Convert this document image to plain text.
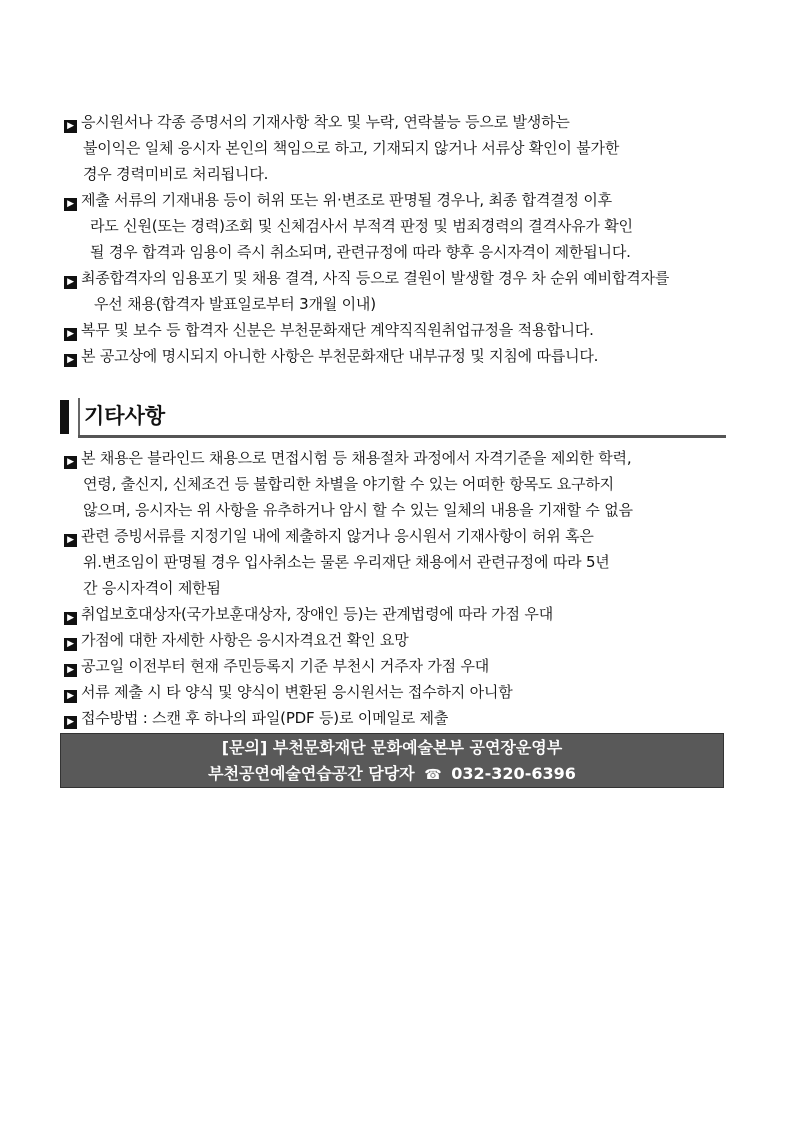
▶ 응시원서나 각종 증명서의 기재사항 착오 및 누락, 연락불능 등으로 발생하는
불이익은 일체 응시자 본인의 책임으로 하고, 기재되지 않거나 서류상 확인이 불가한
경우 경력미비로 처리됩니다.
▶ 제출 서류의 기재내용 등이 허위 또는 위·변조로 판명될 경우나, 최종 합격결정 이후
라도 신원(또는 경력)조회 및 신체검사서 부적격 판정 및 범죄경력의 결격사유가 확인
될 경우 합격과 임용이 즉시 취소되며, 관련규정에 따라 향후 응시자격이 제한됩니다.
▶ 최종합격자의 임용포기 및 채용 결격, 사직 등으로 결원이 발생할 경우 차 순위 예비합격자를
우선 채용(합격자 발표일로부터 3개월 이내)
▶ 복무 및 보수 등 합격자 신분은 부천문화재단 계약직직원취업규정을 적용합니다.
▶ 본 공고상에 명시되지 아니한 사항은 부천문화재단 내부규정 및 지침에 따릅니다.
기타사항
▶ 본 채용은 블라인드 채용으로 면접시험 등 채용절차 과정에서 자격기준을 제외한 학력,
연령, 출신지, 신체조건 등 불합리한 차별을 야기할 수 있는 어떠한 항목도 요구하지
않으며, 응시자는 위 사항을 유추하거나 암시 할 수 있는 일체의 내용을 기재할 수 없음
▶ 관련 증빙서류를 지정기일 내에 제출하지 않거나 응시원서 기재사항이 허위 혹은
위.변조임이 판명될 경우 입사취소는 물론 우리재단 채용에서 관련규정에 따라 5년
간 응시자격이 제한됨
▶ 취업보호대상자(국가보훈대상자, 장애인 등)는 관계법령에 따라 가점 우대
▶ 가점에 대한 자세한 사항은 응시자격요건 확인 요망
▶ 공고일 이전부터 현재 주민등록지 기준 부천시 거주자 가점 우대
▶ 서류 제출 시 타 양식 및 양식이 변환된 응시원서는 접수하지 아니함
▶ 접수방법 : 스캔 후 하나의 파일(PDF 등)로 이메일로 제출
[문의] 부천문화재단 문화예술본부 공연장운영부
부천공연예술연습공간 담당자 ☎ 032-320-6396
